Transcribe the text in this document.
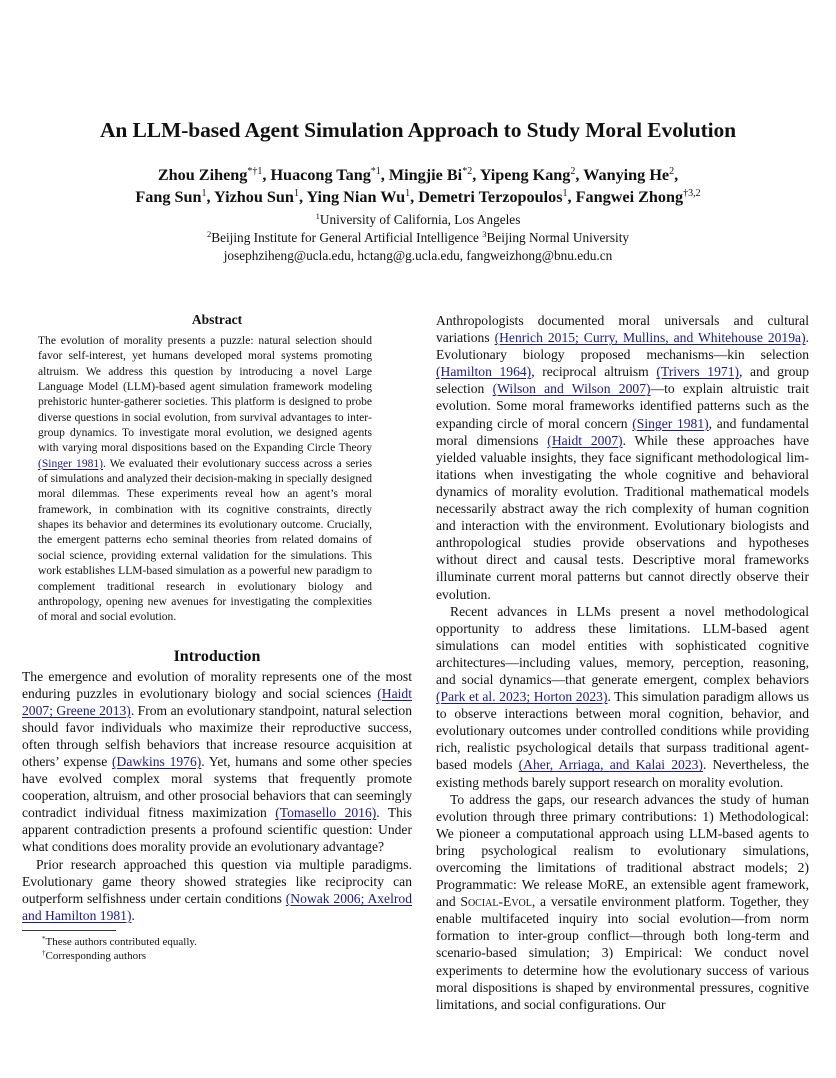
An LLM-based Agent Simulation Approach to Study Moral Evolution
Zhou Ziheng$^{*\dagger 1}$, Huacong Tang$^{*1}$, Mingjie Bi$^{*2}$, Yipeng Kang$^2$, Wanying He$^2$,
Fang Sun$^1$, Yizhou Sun$^1$, Ying Nian Wu$^1$, Demetri Terzopoulos$^1$, Fangwei Zhong$^{\dagger 3,2}$
$^1$University of California, Los Angeles
$^2$Beijing Institute for General Artificial Intelligence $^3$Beijing Normal University
josephziheng@ucla.edu, hctang@g.ucla.edu, fangweizhong@bnu.edu.cn
Abstract

The evolution of morality presents a puzzle: natural selection should favor self-interest, yet humans developed moral systems promoting altruism. We address this question by introducing a novel Large Language Model (LLM)-based agent simulation framework modeling prehistoric hunter-gatherer societies. This platform is designed to probe diverse questions in social evolution, from survival advantages to intergroup dynamics. To investigate moral evolution, we designed agents with varying moral dispositions based on the Expanding Circle Theory (Singer 1981). We evaluated their evolutionary success across a series of simulations and analyzed their decision-making in specially designed moral dilemmas. These experiments reveal how an agent’s moral framework, in combination with its cognitive constraints, directly shapes its behavior and determines its evolutionary outcome. Crucially, the emergent patterns echo seminal theories from related domains of social science, providing external validation for the simulations. This work establishes LLM-based simulation as a powerful new paradigm to complement traditional research in evolutionary biology and anthropology, opening new avenues for investigating the complexities of moral and social evolution.

Introduction

The emergence and evolution of morality represents one of the most enduring puzzles in evolutionary biology and social sciences (Haidt 2007; Greene 2013). From an evolutionary standpoint, natural selection should favor individuals who maximize their reproductive success, often through selfish behaviors that increase resource acquisition at others’ expense (Dawkins 1976). Yet, humans and some other species have evolved complex moral systems that frequently promote cooperation, altruism, and other prosocial behaviors that can seemingly contradict individual fitness maximization (Tomasello 2016). This apparent contradiction presents a profound scientific question: Under what conditions does morality provide an evolutionary advantage?

Prior research approached this question via multiple paradigms. Evolutionary game theory showed strategies like reciprocity can outperform selfishness under certain conditions (Nowak 2006; Axelrod and Hamilton 1981).

*These authors contributed equally.

†Corresponding authors

Anthropologists documented moral universals and cultural variations (Henrich 2015; Curry, Mullins, and Whitehouse 2019a). Evolutionary biology proposed mechanisms—kin selection (Hamilton 1964), reciprocal altruism (Trivers 1971), and group selection (Wilson and Wilson 2007)—to explain altruistic trait evolution. Some moral frameworks identified patterns such as the expanding circle of moral concern (Singer 1981), and fundamental moral dimensions (Haidt 2007). While these approaches have yielded valuable insights, they face significant methodological limitations when investigating the whole cognitive and behavioral dynamics of morality evolution. Traditional mathematical models necessarily abstract away the rich complexity of human cognition and interaction with the environment. Evolutionary biologists and anthropological studies provide observations and hypotheses without direct and causal tests. Descriptive moral frameworks illuminate current moral patterns but cannot directly observe their evolution.

Recent advances in LLMs present a novel methodological opportunity to address these limitations. LLM-based agent simulations can model entities with sophisticated cognitive architectures—including values, memory, perception, reasoning, and social dynamics—that generate emergent, complex behaviors (Park et al. 2023; Horton 2023). This simulation paradigm allows us to observe interactions between moral cognition, behavior, and evolutionary outcomes under controlled conditions while providing rich, realistic psychological details that surpass traditional agent-based models (Aher, Arriaga, and Kalai 2023). Nevertheless, the existing methods barely support research on morality evolution.

To address the gaps, our research advances the study of human evolution through three primary contributions: 1) Methodological: We pioneer a computational approach using LLM-based agents to bring psychological realism to evolutionary simulations, overcoming the limitations of traditional abstract models; 2) Programmatic: We release MoRE, an extensible agent framework, and Social-Evol, a versatile environment platform. Together, they enable multifaceted inquiry into social evolution—from norm formation to inter-group conflict—through both long-term and scenario-based simulation; 3) Empirical: We conduct novel experiments to determine how the evolutionary success of various moral dispositions is shaped by environmental pressures, cognitive limitations, and social configurations. Our
